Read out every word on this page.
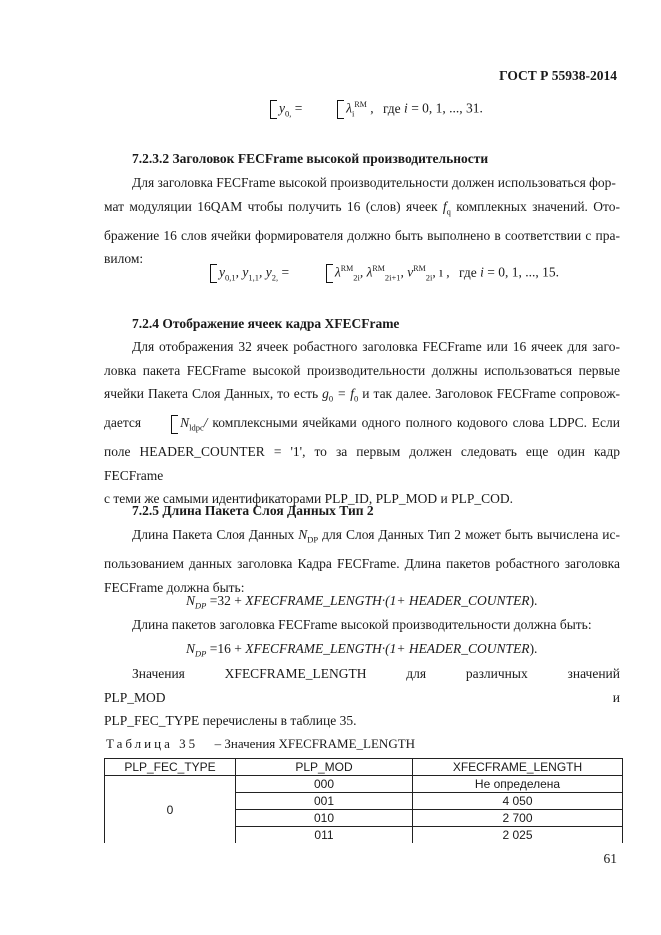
ГОСТ Р 55938-2014
$y_{0,}$ =	$\lambda_i^{RM}$ , где i = 0, 1, ..., 31.
7.2.3.2 Заголовок FECFrame высокой производительности
Для заголовка FECFrame высокой производительности должен использоваться фор-
мат модуляции 16QAM чтобы получить 16 (слов) ячеек $f_q$ комплекных значений. Ото-
бражение 16 слов ячейки формирователя должно быть выполнено в соответствии с пра-
вилом:
$y_{0,1}$, $y_{1,1}$, $y_{2,}$ =	$\lambda^{RM}_{2i}$, $\lambda^{RM}_{2i+1}$, $\nu^{RM}_{2i}$, ı , где i = 0, 1, ..., 15.
7.2.4 Отображение ячеек кадра XFECFrame
Для отображения 32 ячеек робастного заголовка FECFrame или 16 ячеек для заго-
ловка пакета FECFrame высокой производительности должны использоваться первые
ячейки Пакета Слоя Данных, то есть $g_0 = f_0$ и так далее. Заголовок FECFrame сопровож-
дается	$N_{ldpc}/$ комплексными ячейками одного полного кодового слова LDPC. Если
поле HEADER_COUNTER = '1', то за первым должен следовать еще один кадр FECFrame
с теми же самыми идентификаторами PLP_ID, PLP_MOD и PLP_COD.
7.2.5 Длина Пакета Слоя Данных Тип 2
Длина Пакета Слоя Данных $N_{DP}$ для Слоя Данных Тип 2 может быть вычислена ис-
пользованием данных заголовка Кадра FECFrame. Длина пакетов робастного заголовка
FECFrame должна быть:
$N_{DP} =32$ + XFECFRAME_LENGTH·(1+ HEADER_COUNTER).
Длина пакетов заголовка FECFrame высокой производительности должна быть:
$N_{DP} =16$ + XFECFRAME_LENGTH·(1+ HEADER_COUNTER).
Значения XFECFRAME_LENGTH для различных значений PLP_MOD и
PLP_FEC_TYPE перечислены в таблице 35.
Таблица 35 – Значения XFECFRAME_LENGTH
PLP_FEC_TYPE	PLP_MOD	XFECFRAME_LENGTH
0	000	Не определена
	001	4 050
	010	2 700
	011	2 025
61
